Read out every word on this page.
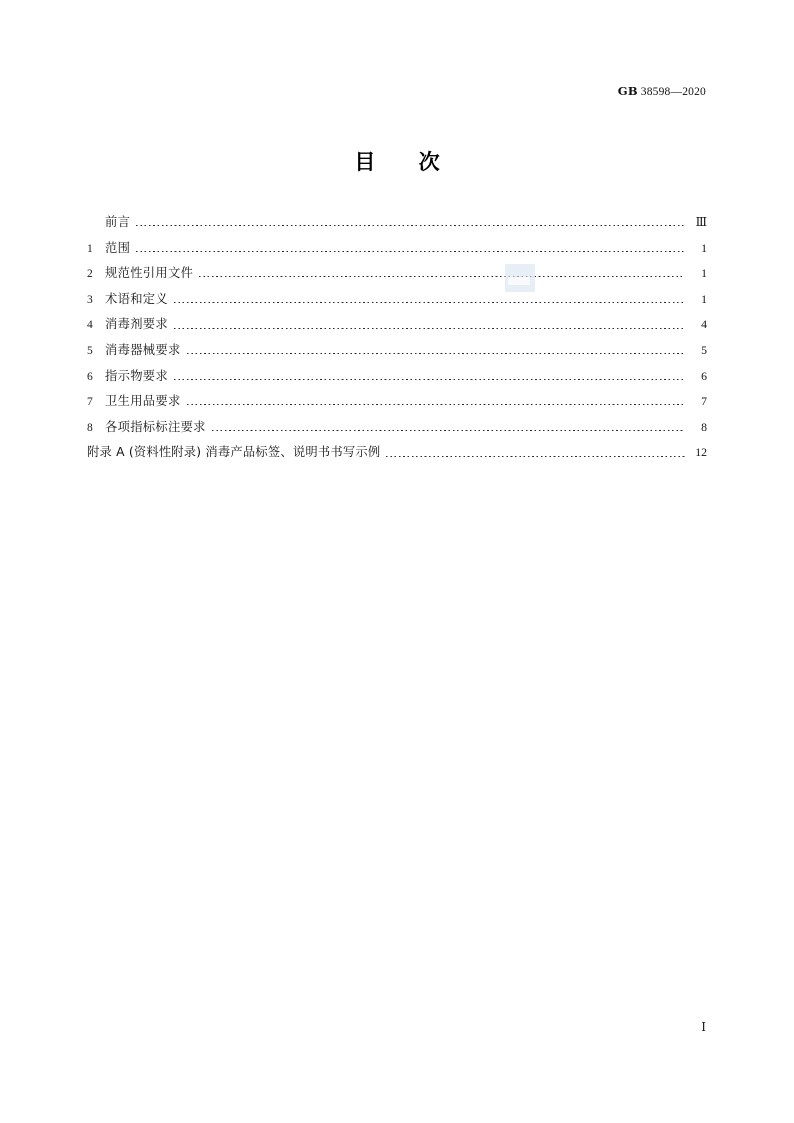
GB 38598—2020
目 次
前言	Ⅲ
1 范围	1
2 规范性引用文件	1
3 术语和定义	1
4 消毒剂要求	4
5 消毒器械要求	5
6 指示物要求	6
7 卫生用品要求	7
8 各项指标标注要求	8
附录 A (资料性附录) 消毒产品标签、说明书书写示例	12
Ⅰ
